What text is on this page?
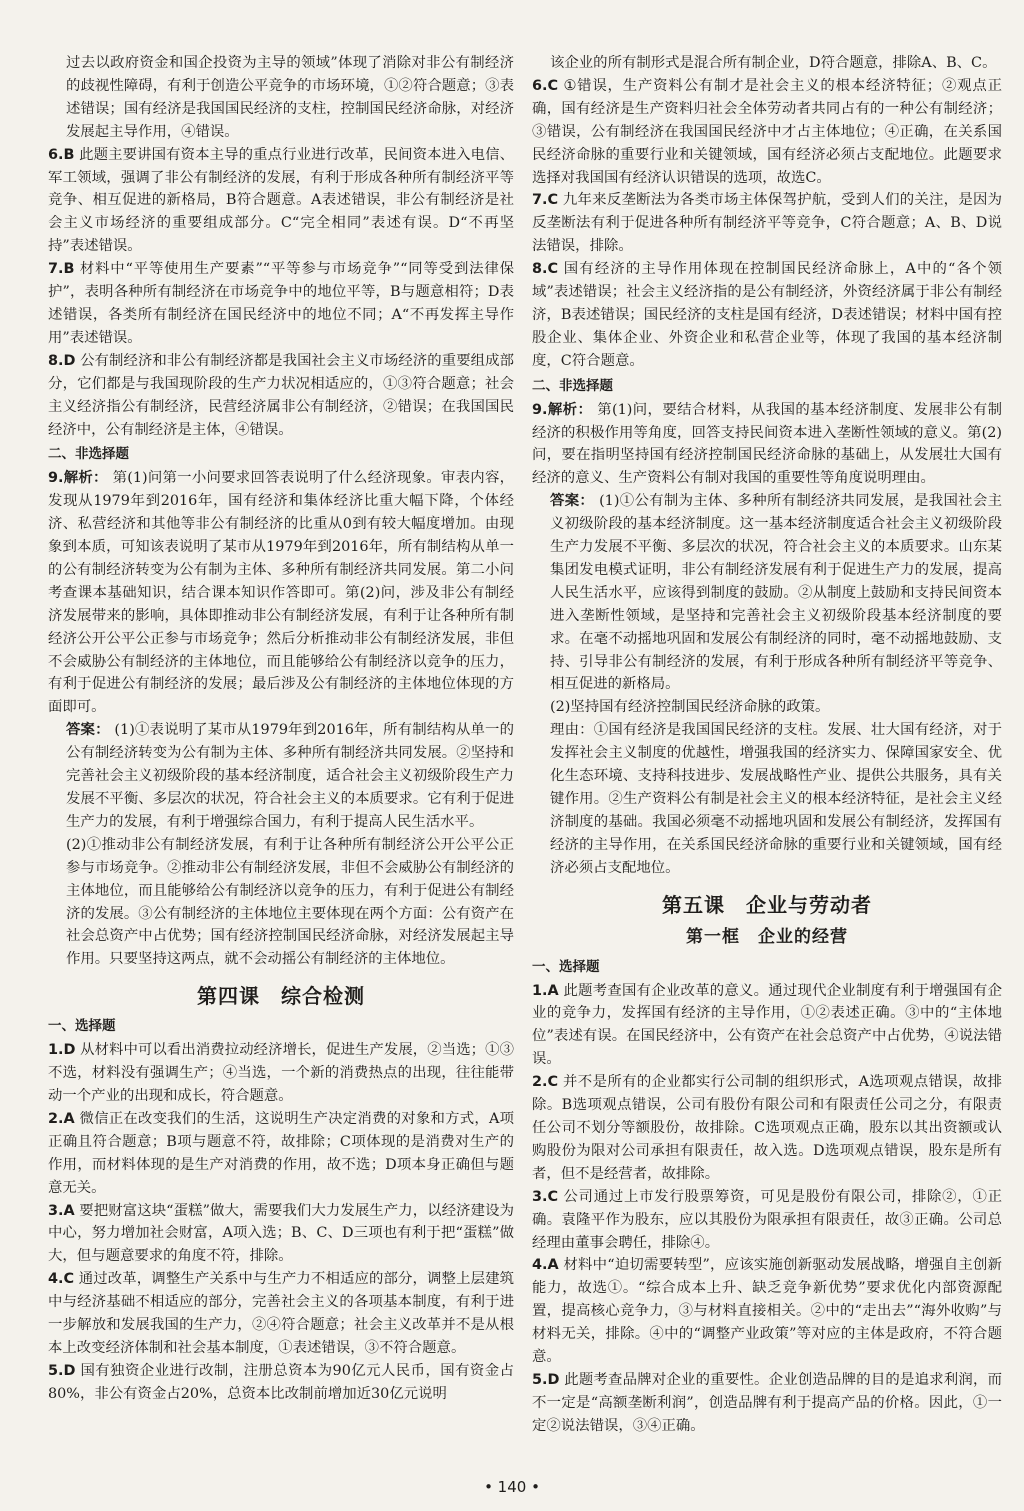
过去以政府资金和国企投资为主导的领域”体现了消除对非公有制经济的歧视性障碍，有利于创造公平竞争的市场环境，①②符合题意；③表述错误；国有经济是我国国民经济的支柱，控制国民经济命脉，对经济发展起主导作用，④错误。

6.B 此题主要讲国有资本主导的重点行业进行改革，民间资本进入电信、军工领域，强调了非公有制经济的发展，有利于形成各种所有制经济平等竞争、相互促进的新格局，B符合题意。A表述错误，非公有制经济是社会主义市场经济的重要组成部分。C“完全相同”表述有误。D“不再坚持”表述错误。

7.B 材料中“平等使用生产要素”“平等参与市场竞争”“同等受到法律保护”，表明各种所有制经济在市场竞争中的地位平等，B与题意相符；D表述错误，各类所有制经济在国民经济中的地位不同；A“不再发挥主导作用”表述错误。

8.D 公有制经济和非公有制经济都是我国社会主义市场经济的重要组成部分，它们都是与我国现阶段的生产力状况相适应的，①③符合题意；社会主义经济指公有制经济，民营经济属非公有制经济，②错误；在我国国民经济中，公有制经济是主体，④错误。

二、非选择题

9.解析： 第(1)问第一小问要求回答表说明了什么经济现象。审表内容，发现从1979年到2016年，国有经济和集体经济比重大幅下降，个体经济、私营经济和其他等非公有制经济的比重从0到有较大幅度增加。由现象到本质，可知该表说明了某市从1979年到2016年，所有制结构从单一的公有制经济转变为公有制为主体、多种所有制经济共同发展。第二小问考查课本基础知识，结合课本知识作答即可。第(2)问，涉及非公有制经济发展带来的影响，具体即推动非公有制经济发展，有利于让各种所有制经济公开公平公正参与市场竞争；然后分析推动非公有制经济发展，非但不会威胁公有制经济的主体地位，而且能够给公有制经济以竞争的压力，有利于促进公有制经济的发展；最后涉及公有制经济的主体地位体现的方面即可。

答案： (1)①表说明了某市从1979年到2016年，所有制结构从单一的公有制经济转变为公有制为主体、多种所有制经济共同发展。②坚持和完善社会主义初级阶段的基本经济制度，适合社会主义初级阶段生产力发展不平衡、多层次的状况，符合社会主义的本质要求。它有利于促进生产力的发展，有利于增强综合国力，有利于提高人民生活水平。

(2)①推动非公有制经济发展，有利于让各种所有制经济公开公平公正参与市场竞争。②推动非公有制经济发展，非但不会威胁公有制经济的主体地位，而且能够给公有制经济以竞争的压力，有利于促进公有制经济的发展。③公有制经济的主体地位主要体现在两个方面：公有资产在社会总资产中占优势；国有经济控制国民经济命脉，对经济发展起主导作用。只要坚持这两点，就不会动摇公有制经济的主体地位。

第四课　综合检测
一、选择题

1.D 从材料中可以看出消费拉动经济增长，促进生产发展，②当选；①③不选，材料没有强调生产；④当选，一个新的消费热点的出现，往往能带动一个产业的出现和成长，符合题意。

2.A 微信正在改变我们的生活，这说明生产决定消费的对象和方式，A项正确且符合题意；B项与题意不符，故排除；C项体现的是消费对生产的作用，而材料体现的是生产对消费的作用，故不选；D项本身正确但与题意无关。

3.A 要把财富这块“蛋糕”做大，需要我们大力发展生产力，以经济建设为中心，努力增加社会财富，A项入选；B、C、D三项也有利于把“蛋糕”做大，但与题意要求的角度不符，排除。

4.C 通过改革，调整生产关系中与生产力不相适应的部分，调整上层建筑中与经济基础不相适应的部分，完善社会主义的各项基本制度，有利于进一步解放和发展我国的生产力，②④符合题意；社会主义改革并不是从根本上改变经济体制和社会基本制度，①表述错误，③不符合题意。

5.D 国有独资企业进行改制，注册总资本为90亿元人民币，国有资金占80%，非公有资金占20%，总资本比改制前增加近30亿元说明

该企业的所有制形式是混合所有制企业，D符合题意，排除A、B、C。

6.C ①错误，生产资料公有制才是社会主义的根本经济特征；②观点正确，国有经济是生产资料归社会全体劳动者共同占有的一种公有制经济；③错误，公有制经济在我国国民经济中才占主体地位；④正确，在关系国民经济命脉的重要行业和关键领域，国有经济必须占支配地位。此题要求选择对我国国有经济认识错误的选项，故选C。

7.C 九年来反垄断法为各类市场主体保驾护航，受到人们的关注，是因为反垄断法有利于促进各种所有制经济平等竞争，C符合题意；A、B、D说法错误，排除。

8.C 国有经济的主导作用体现在控制国民经济命脉上，A中的“各个领域”表述错误；社会主义经济指的是公有制经济，外资经济属于非公有制经济，B表述错误；国民经济的支柱是国有经济，D表述错误；材料中国有控股企业、集体企业、外资企业和私营企业等，体现了我国的基本经济制度，C符合题意。

二、非选择题

9.解析： 第(1)问，要结合材料，从我国的基本经济制度、发展非公有制经济的积极作用等角度，回答支持民间资本进入垄断性领域的意义。第(2)问，要在指明坚持国有经济控制国民经济命脉的基础上，从发展壮大国有经济的意义、生产资料公有制对我国的重要性等角度说明理由。

答案： (1)①公有制为主体、多种所有制经济共同发展，是我国社会主义初级阶段的基本经济制度。这一基本经济制度适合社会主义初级阶段生产力发展不平衡、多层次的状况，符合社会主义的本质要求。山东某集团发电模式证明，非公有制经济发展有利于促进生产力的发展，提高人民生活水平，应该得到制度的鼓励。②从制度上鼓励和支持民间资本进入垄断性领域，是坚持和完善社会主义初级阶段基本经济制度的要求。在毫不动摇地巩固和发展公有制经济的同时，毫不动摇地鼓励、支持、引导非公有制经济的发展，有利于形成各种所有制经济平等竞争、相互促进的新格局。

(2)坚持国有经济控制国民经济命脉的政策。

理由：①国有经济是我国国民经济的支柱。发展、壮大国有经济，对于发挥社会主义制度的优越性，增强我国的经济实力、保障国家安全、优化生态环境、支持科技进步、发展战略性产业、提供公共服务，具有关键作用。②生产资料公有制是社会主义的根本经济特征，是社会主义经济制度的基础。我国必须毫不动摇地巩固和发展公有制经济，发挥国有经济的主导作用，在关系国民经济命脉的重要行业和关键领域，国有经济必须占支配地位。

第五课　企业与劳动者
第一框　企业的经营
一、选择题

1.A 此题考查国有企业改革的意义。通过现代企业制度有利于增强国有企业的竞争力，发挥国有经济的主导作用，①②表述正确。③中的“主体地位”表述有误。在国民经济中，公有资产在社会总资产中占优势，④说法错误。

2.C 并不是所有的企业都实行公司制的组织形式，A选项观点错误，故排除。B选项观点错误，公司有股份有限公司和有限责任公司之分，有限责任公司不划分等额股份，故排除。C选项观点正确，股东以其出资额或认购股份为限对公司承担有限责任，故入选。D选项观点错误，股东是所有者，但不是经营者，故排除。

3.C 公司通过上市发行股票筹资，可见是股份有限公司，排除②，①正确。袁隆平作为股东，应以其股份为限承担有限责任，故③正确。公司总经理由董事会聘任，排除④。

4.A 材料中“迫切需要转型”，应该实施创新驱动发展战略，增强自主创新能力，故选①。“综合成本上升、缺乏竞争新优势”要求优化内部资源配置，提高核心竞争力，③与材料直接相关。②中的“走出去”“海外收购”与材料无关，排除。④中的“调整产业政策”等对应的主体是政府，不符合题意。

5.D 此题考查品牌对企业的重要性。企业创造品牌的目的是追求利润，而不一定是“高额垄断利润”，创造品牌有利于提高产品的价格。因此，①一定②说法错误，③④正确。

• 140 •
